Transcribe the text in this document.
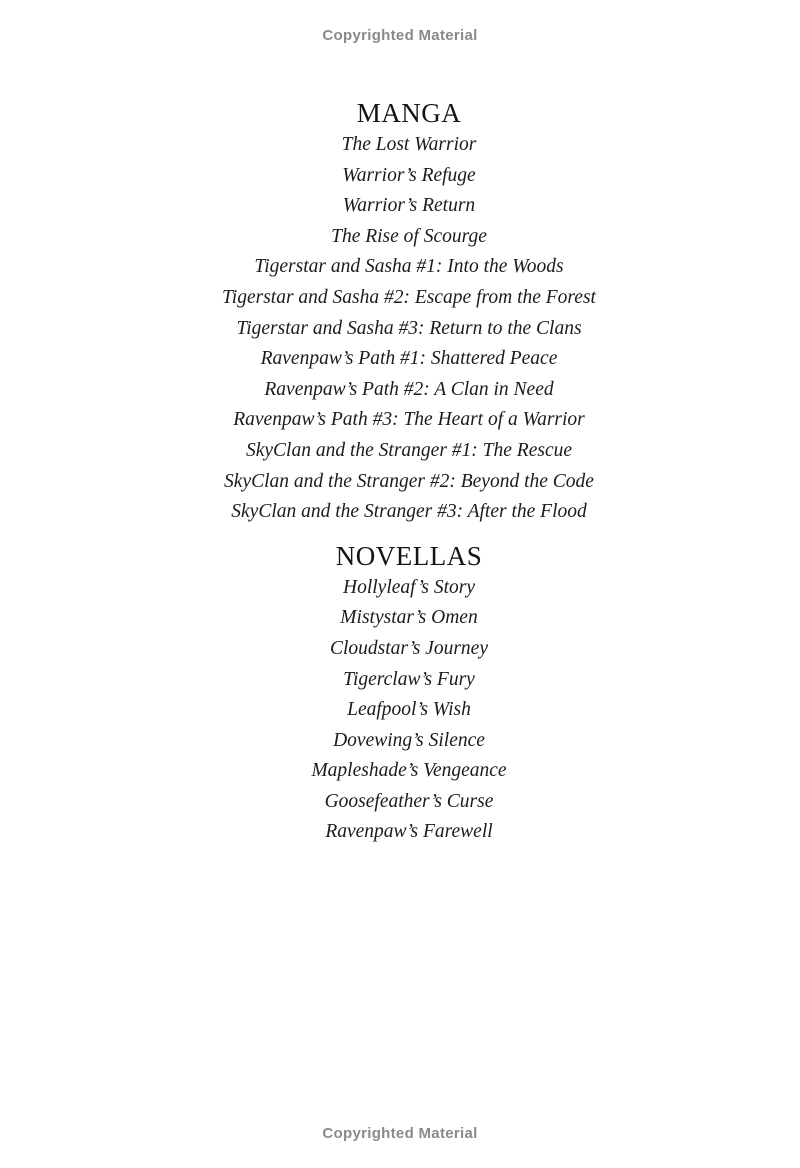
Copyrighted Material
MANGA

The Lost Warrior

Warrior’s Refuge

Warrior’s Return

The Rise of Scourge

Tigerstar and Sasha #1: Into the Woods

Tigerstar and Sasha #2: Escape from the Forest

Tigerstar and Sasha #3: Return to the Clans

Ravenpaw’s Path #1: Shattered Peace

Ravenpaw’s Path #2: A Clan in Need

Ravenpaw’s Path #3: The Heart of a Warrior

SkyClan and the Stranger #1: The Rescue

SkyClan and the Stranger #2: Beyond the Code

SkyClan and the Stranger #3: After the Flood

NOVELLAS

Hollyleaf’s Story

Mistystar’s Omen

Cloudstar’s Journey

Tigerclaw’s Fury

Leafpool’s Wish

Dovewing’s Silence

Mapleshade’s Vengeance

Goosefeather’s Curse

Ravenpaw’s Farewell

Copyrighted Material
